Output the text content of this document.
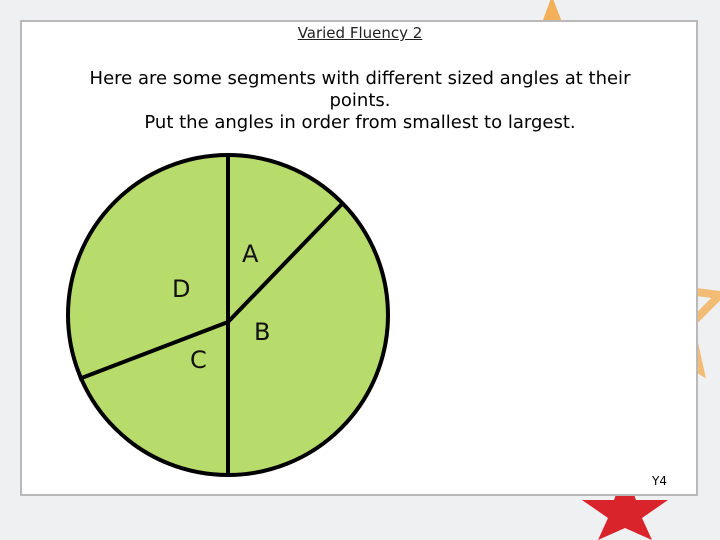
Varied Fluency 2
Here are some segments with different sized angles at their
points.
Put the angles in order from smallest to largest.
A
B
C
D
Y4
